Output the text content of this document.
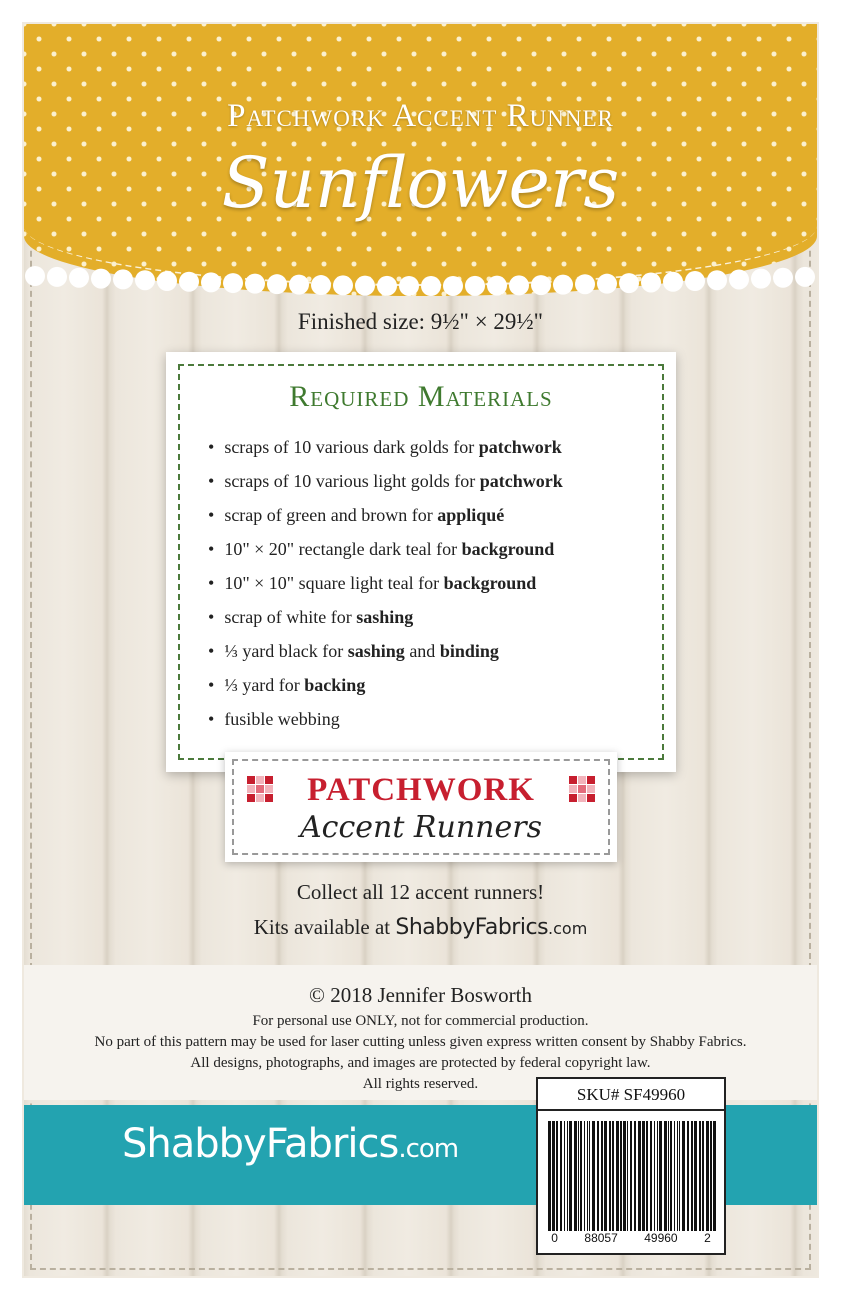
Patchwork Accent Runner
Sunflowers
Finished size: 9½" × 29½"
Required Materials
• scraps of 10 various dark golds for patchwork
• scraps of 10 various light golds for patchwork
• scrap of green and brown for appliqué
• 10" × 20" rectangle dark teal for background
• 10" × 10" square light teal for background
• scrap of white for sashing
• ⅓ yard black for sashing and binding
• ⅓ yard for backing
• fusible webbing
PATCHWORK
Accent Runners
Collect all 12 accent runners!
Kits available at ShabbyFabrics.com
© 2018 Jennifer Bosworth
For personal use ONLY, not for commercial production.
No part of this pattern may be used for laser cutting unless given express written consent by Shabby Fabrics.
All designs, photographs, and images are protected by federal copyright law.
All rights reserved.
ShabbyFabrics.com
SKU# SF49960
0 88057 49960 2
